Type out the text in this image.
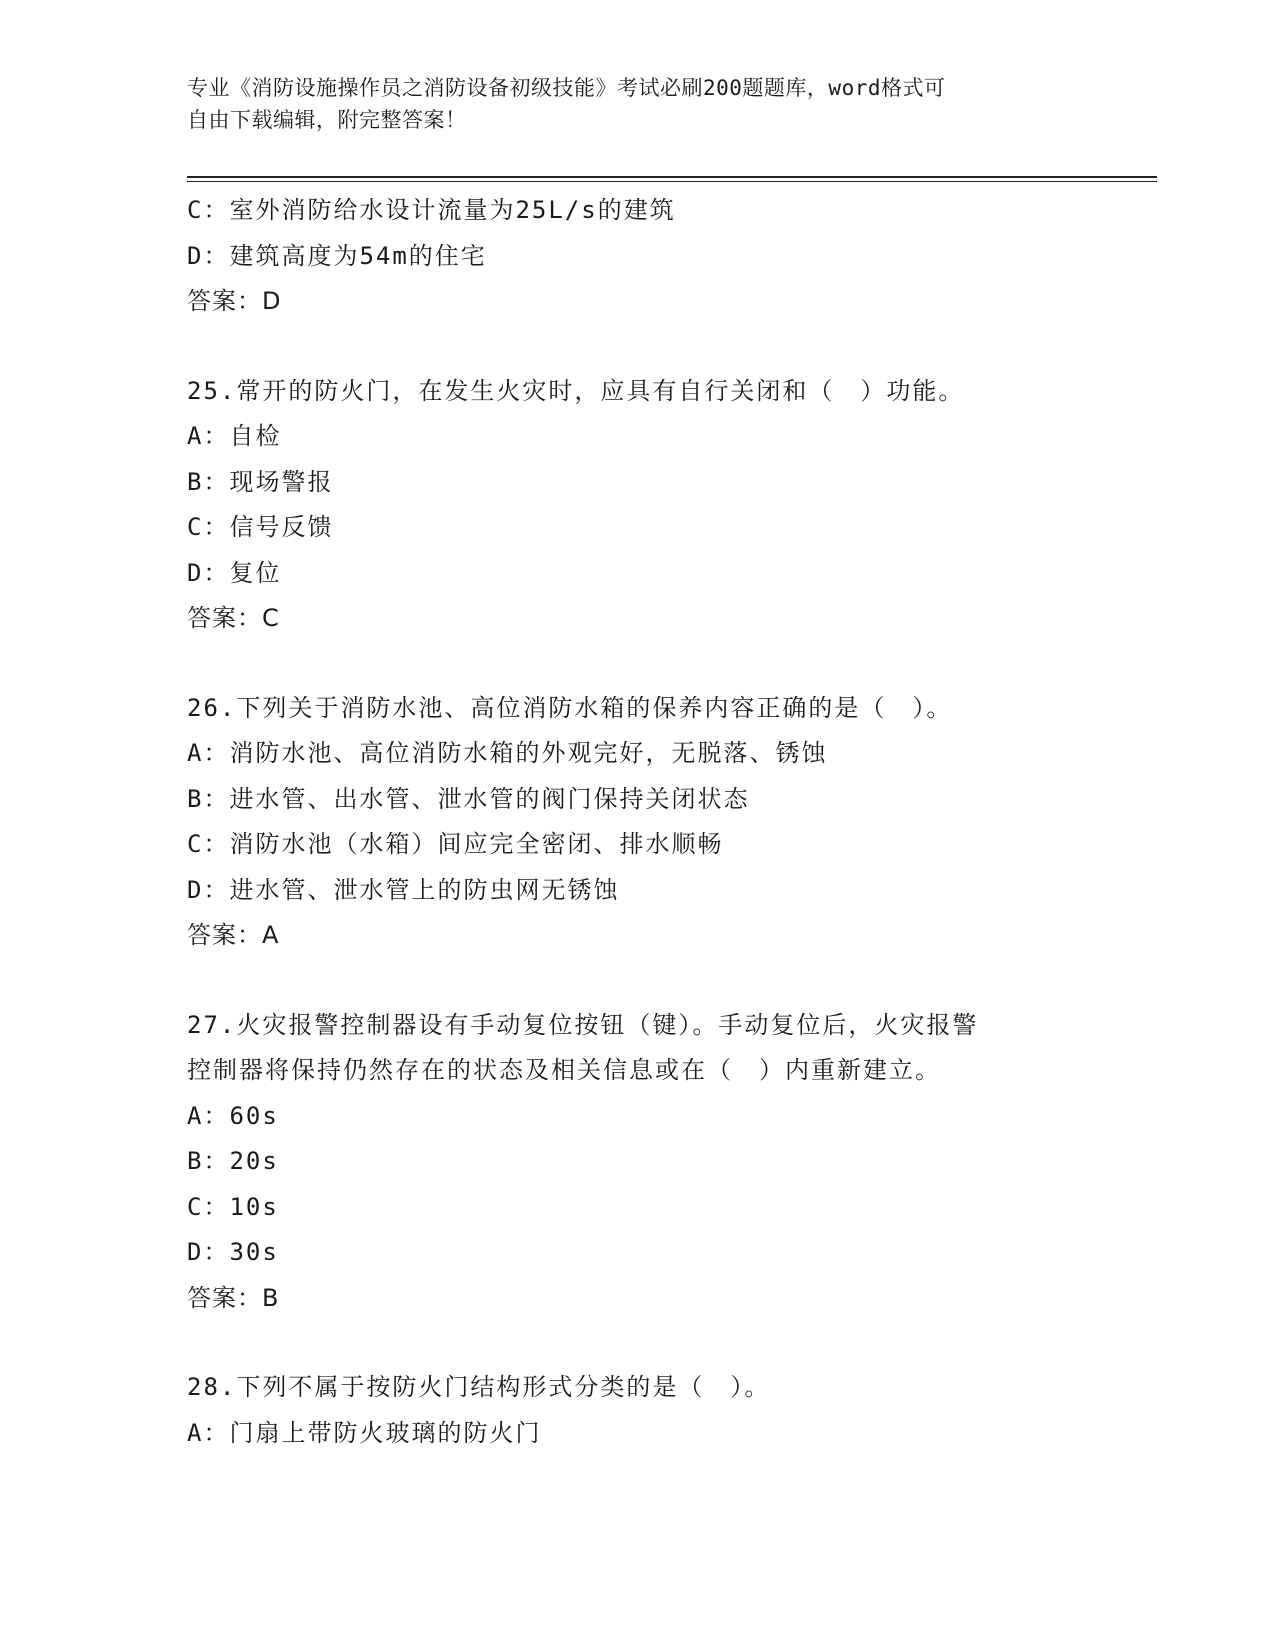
专业《消防设施操作员之消防设备初级技能》考试必刷200题题库，word格式可
自由下载编辑，附完整答案！
C：室外消防给水设计流量为25L/s的建筑
D：建筑高度为54m的住宅
答案：D
25.常开的防火门，在发生火灾时，应具有自行关闭和（　）功能。
A：自检
B：现场警报
C：信号反馈
D：复位
答案：C
26.下列关于消防水池、高位消防水箱的保养内容正确的是（　）。
A：消防水池、高位消防水箱的外观完好，无脱落、锈蚀
B：进水管、出水管、泄水管的阀门保持关闭状态
C：消防水池（水箱）间应完全密闭、排水顺畅
D：进水管、泄水管上的防虫网无锈蚀
答案：A
27.火灾报警控制器设有手动复位按钮（键）。手动复位后，火灾报警
控制器将保持仍然存在的状态及相关信息或在（　）内重新建立。
A：60s
B：20s
C：10s
D：30s
答案：B
28.下列不属于按防火门结构形式分类的是（　）。
A：门扇上带防火玻璃的防火门
